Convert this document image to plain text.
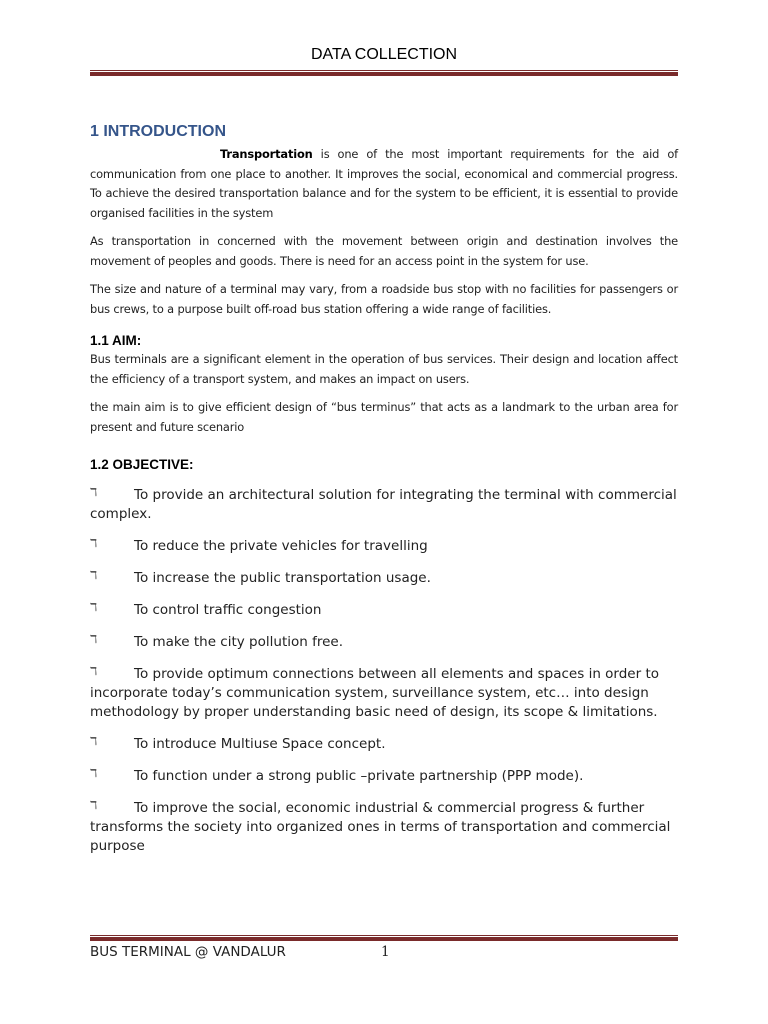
DATA COLLECTION
1 INTRODUCTION

Transportation is one of the most important requirements for the aid of communication from one place to another. It improves the social, economical and commercial progress. To achieve the desired transportation balance and for the system to be efficient, it is essential to provide organised facilities in the system

As transportation in concerned with the movement between origin and destination involves the movement of peoples and goods. There is need for an access point in the system for use.

The size and nature of a terminal may vary, from a roadside bus stop with no facilities for passengers or bus crews, to a purpose built off-road bus station offering a wide range of facilities.

1.1 AIM:

Bus terminals are a significant element in the operation of bus services. Their design and location affect the efficiency of a transport system, and makes an impact on users.

the main aim is to give efficient design of “bus terminus” that acts as a landmark to the urban area for present and future scenario

1.2 OBJECTIVE:
ℸ	To provide an architectural solution for integrating the terminal with commercial complex.
ℸ	To reduce the private vehicles for travelling
ℸ	To increase the public transportation usage.
ℸ	To control traffic congestion
ℸ	To make the city pollution free.
ℸ	To provide optimum connections between all elements and spaces in order to incorporate today’s communication system, surveillance system, etc… into design methodology by proper understanding basic need of design, its scope & limitations.
ℸ	To introduce Multiuse Space concept.
ℸ	To function under a strong public –private partnership (PPP mode).
ℸ	To improve the social, economic industrial & commercial progress & further transforms the society into organized ones in terms of transportation and commercial purpose
BUS TERMINAL @ VANDALUR	1
